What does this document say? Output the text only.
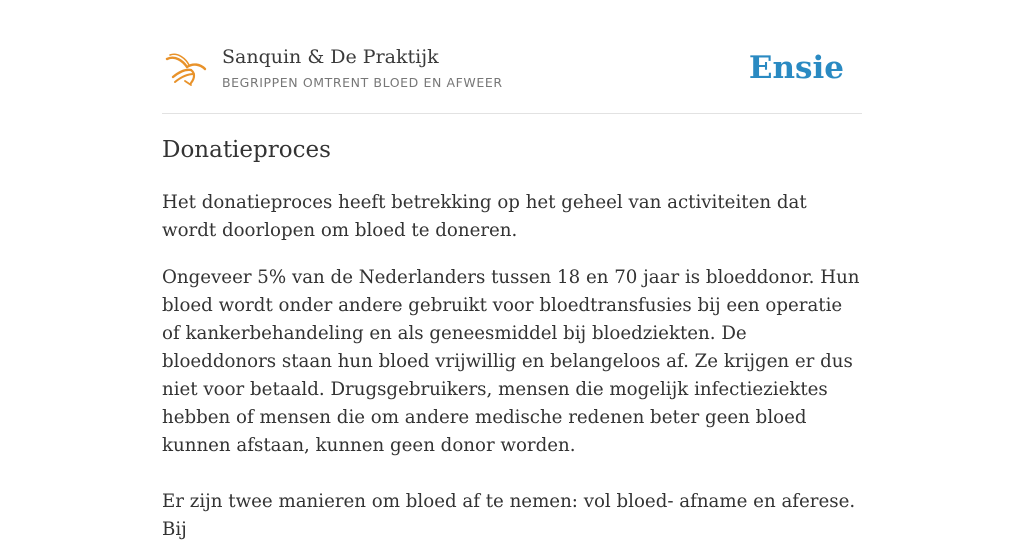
Sanquin & De Praktijk
BEGRIPPEN OMTRENT BLOED EN AFWEER	Ensie
Donatieproces

Het donatieproces heeft betrekking op het geheel van activiteiten dat wordt doorlopen om bloed te doneren.

Ongeveer 5% van de Nederlanders tussen 18 en 70 jaar is bloeddonor. Hun bloed wordt onder andere gebruikt voor bloedtransfusies bij een operatie of kankerbehandeling en als geneesmiddel bij bloedziekten. De bloeddonors staan hun bloed vrijwillig en belangeloos af. Ze krijgen er dus niet voor betaald. Drugsgebruikers, mensen die mogelijk infectieziektes hebben of mensen die om andere medische redenen beter geen bloed kunnen afstaan, kunnen geen donor worden.

Er zijn twee manieren om bloed af te nemen: vol bloed- afname en aferese. Bij
